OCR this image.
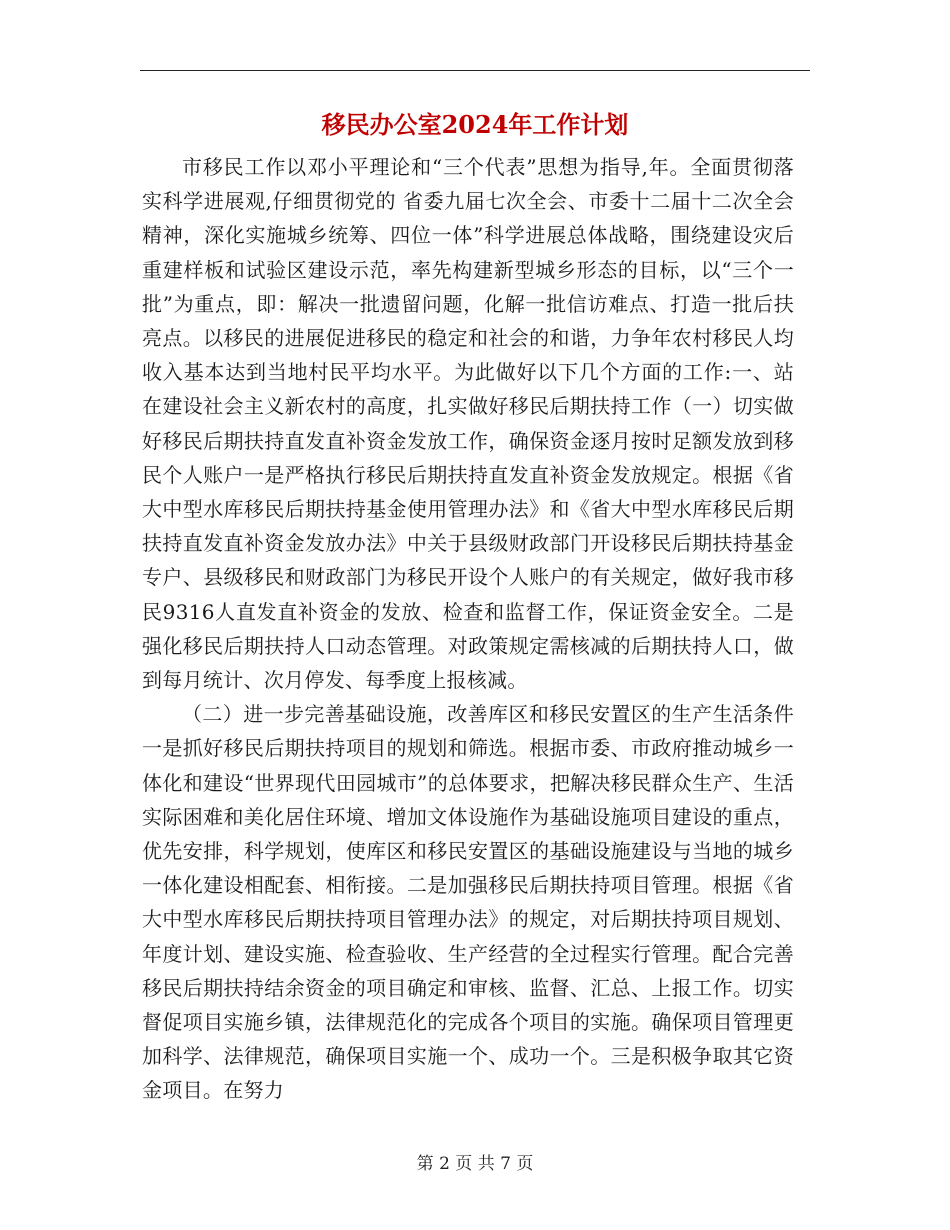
移民办公室2024年工作计划

市移民工作以邓小平理论和“三个代表”思想为指导,年。全面贯彻落实科学进展观,仔细贯彻党的 省委九届七次全会、市委十二届十二次全会精神，深化实施城乡统筹、四位一体”科学进展总体战略，围绕建设灾后重建样板和试验区建设示范，率先构建新型城乡形态的目标，以“三个一批”为重点，即：解决一批遗留问题，化解一批信访难点、打造一批后扶亮点。以移民的进展促进移民的稳定和社会的和谐，力争年农村移民人均收入基本达到当地村民平均水平。为此做好以下几个方面的工作:一、站在建设社会主义新农村的高度，扎实做好移民后期扶持工作（一）切实做好移民后期扶持直发直补资金发放工作，确保资金逐月按时足额发放到移民个人账户一是严格执行移民后期扶持直发直补资金发放规定。根据《省大中型水库移民后期扶持基金使用管理办法》和《省大中型水库移民后期扶持直发直补资金发放办法》中关于县级财政部门开设移民后期扶持基金专户、县级移民和财政部门为移民开设个人账户的有关规定，做好我市移民9316人直发直补资金的发放、检查和监督工作，保证资金安全。二是强化移民后期扶持人口动态管理。对政策规定需核减的后期扶持人口，做到每月统计、次月停发、每季度上报核减。

（二）进一步完善基础设施，改善库区和移民安置区的生产生活条件一是抓好移民后期扶持项目的规划和筛选。根据市委、市政府推动城乡一体化和建设“世界现代田园城市”的总体要求，把解决移民群众生产、生活实际困难和美化居住环境、增加文体设施作为基础设施项目建设的重点，优先安排，科学规划，使库区和移民安置区的基础设施建设与当地的城乡一体化建设相配套、相衔接。二是加强移民后期扶持项目管理。根据《省大中型水库移民后期扶持项目管理办法》的规定，对后期扶持项目规划、年度计划、建设实施、检查验收、生产经营的全过程实行管理。配合完善移民后期扶持结余资金的项目确定和审核、监督、汇总、上报工作。切实督促项目实施乡镇，法律规范化的完成各个项目的实施。确保项目管理更加科学、法律规范，确保项目实施一个、成功一个。三是积极争取其它资金项目。在努力

第 2 页 共 7 页
